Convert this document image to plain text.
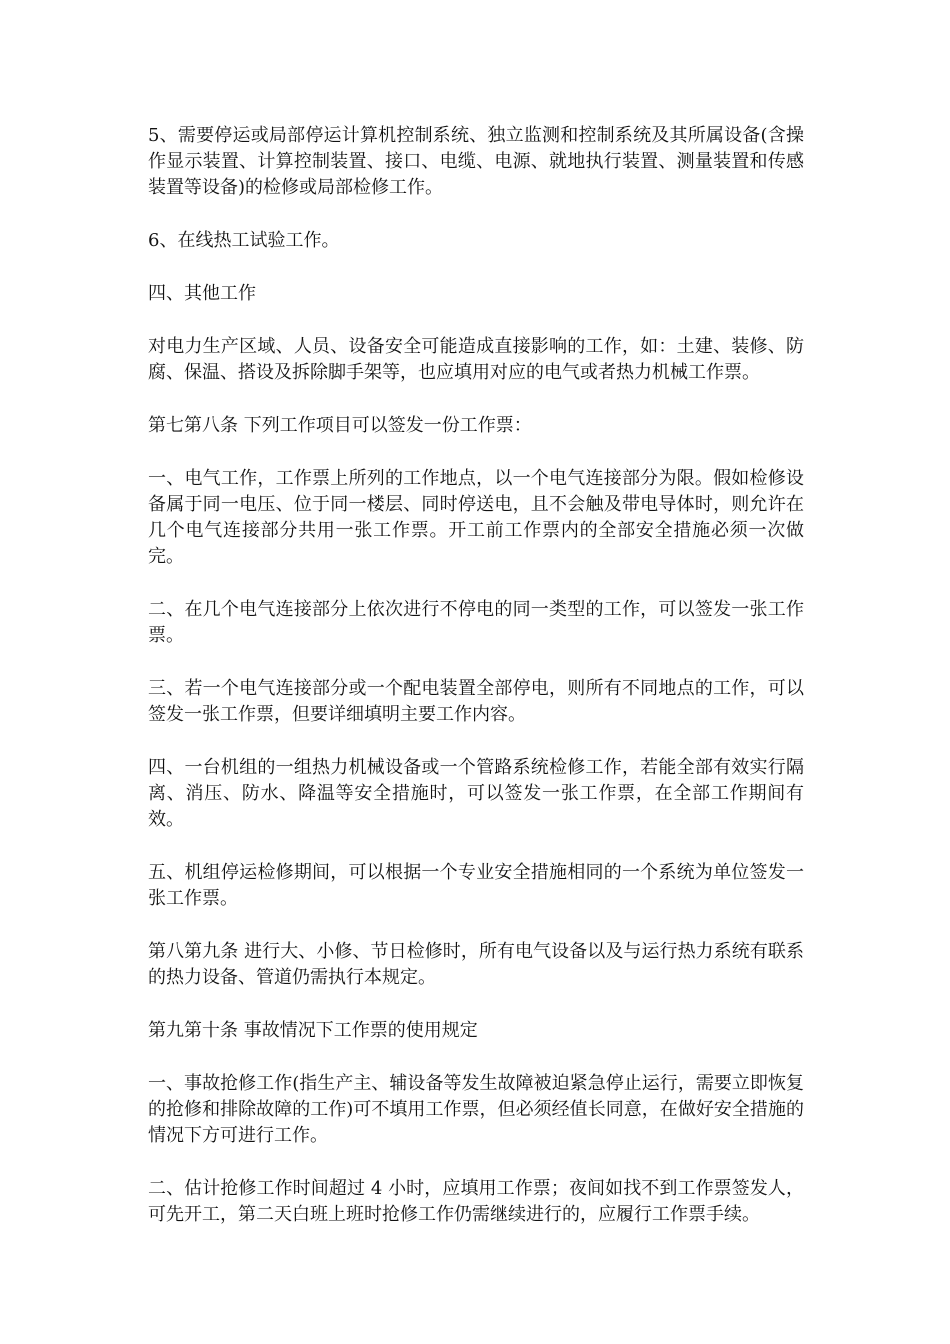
5、需要停运或局部停运计算机控制系统、独立监测和控制系统及其所属设备(含操作显示装置、计算控制装置、接口、电缆、电源、就地执行装置、测量装置和传感装置等设备)的检修或局部检修工作。

6、在线热工试验工作。

四、其他工作

对电力生产区域、人员、设备安全可能造成直接影响的工作，如：土建、装修、防腐、保温、搭设及拆除脚手架等，也应填用对应的电气或者热力机械工作票。

第七第八条 下列工作项目可以签发一份工作票：

一、电气工作，工作票上所列的工作地点，以一个电气连接部分为限。假如检修设备属于同一电压、位于同一楼层、同时停送电，且不会触及带电导体时，则允许在几个电气连接部分共用一张工作票。开工前工作票内的全部安全措施必须一次做完。

二、在几个电气连接部分上依次进行不停电的同一类型的工作，可以签发一张工作票。

三、若一个电气连接部分或一个配电装置全部停电，则所有不同地点的工作，可以签发一张工作票，但要详细填明主要工作内容。

四、一台机组的一组热力机械设备或一个管路系统检修工作，若能全部有效实行隔离、消压、防水、降温等安全措施时，可以签发一张工作票，在全部工作期间有效。

五、机组停运检修期间，可以根据一个专业安全措施相同的一个系统为单位签发一张工作票。

第八第九条 进行大、小修、节日检修时，所有电气设备以及与运行热力系统有联系的热力设备、管道仍需执行本规定。

第九第十条 事故情况下工作票的使用规定

一、事故抢修工作(指生产主、辅设备等发生故障被迫紧急停止运行，需要立即恢复的抢修和排除故障的工作)可不填用工作票，但必须经值长同意，在做好安全措施的情况下方可进行工作。

二、估计抢修工作时间超过 4 小时，应填用工作票；夜间如找不到工作票签发人，可先开工，第二天白班上班时抢修工作仍需继续进行的，应履行工作票手续。
